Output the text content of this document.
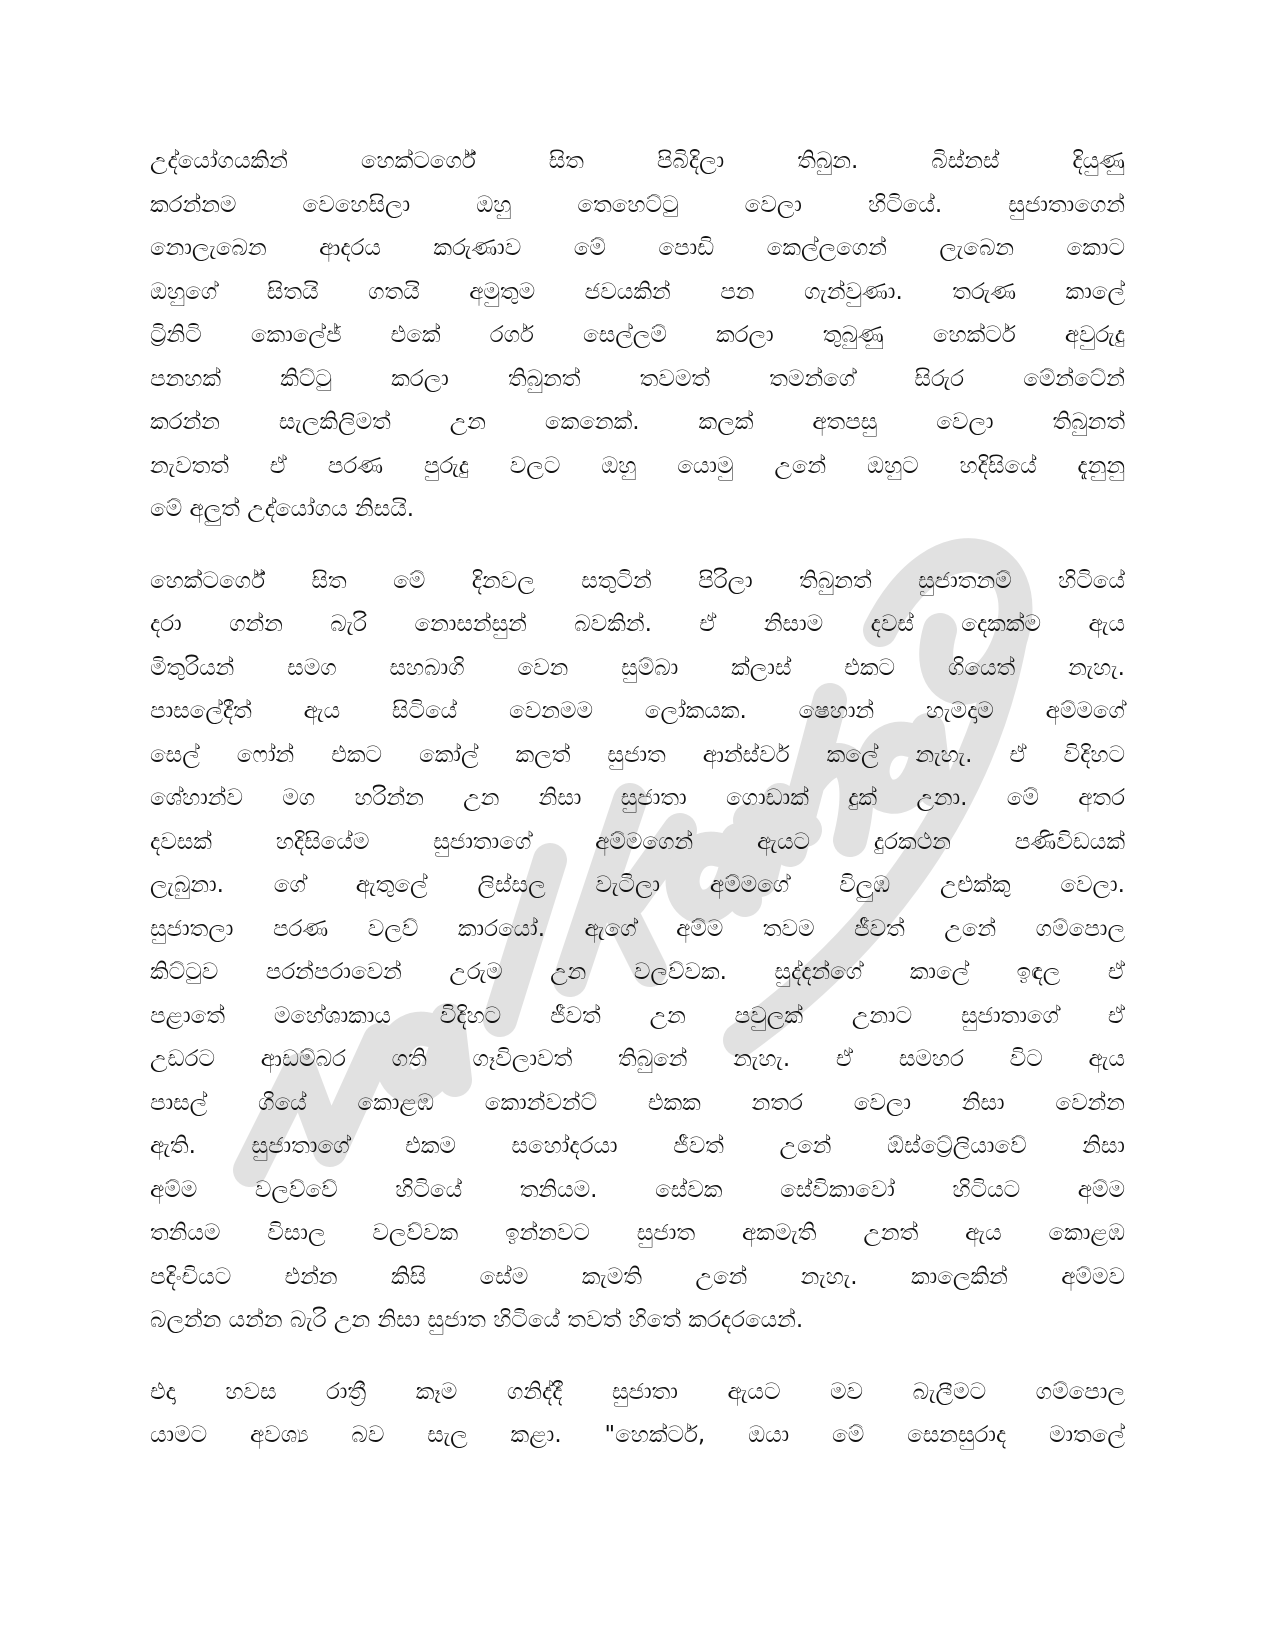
උද්යෝගයකින් හෙක්ටර්ගේ සිත පිබිදිලා තිබුන. බිස්නස් දියුණු
කරන්නම වෙහෙසිලා ඔහු තෙහෙට්ටු වෙලා හිටියේ. සුජාතාගෙන්
නොලැබෙන ආදරය කරුණාව මේ පොඩි කෙල්ලගෙන් ලැබෙන කොට
ඔහුගේ සිතයි ගතයි අමුතුම ජවයකින් පන ගැන්වුණා. තරුණ කාලේ
ට්‍රිනිටි කොලේජ් එකේ රගර් සෙල්ලම් කරලා තුබුණු හෙක්ටර් අවුරුදු
පනහක් කිට්ටු කරලා තිබුනත් තවමත් තමන්ගේ සිරුර මේන්ටේන්
කරන්න සැලකිලිමත් උන කෙනෙක්. කලක් අතපසු වෙලා තිබුනත්
නැවතත් ඒ පරණ පුරුදු වලට ඔහු යොමු උනේ ඔහුට හදිසියේ දැනුනු
මේ අලුත් උද්යෝගය නිසයි.

හෙක්ටර්ගේ සිත මේ දිනවල සතුටින් පිරිලා තිබුනත් සුජාතනම් හිටියේ
දරා ගන්න බැරි නොසන්සුන් බවකින්. ඒ නිසාම දවස් දෙකක්ම ඇය
මිතුරියන් සමග සහබාගි වෙන සුම්බා ක්ලාස් එකට ගියෙත් නැහැ.
පාසලේදීත් ඇය සිටියේ වෙනමම ලෝකයක. ෂෙහාන් හැමදාම අම්මගේ
සෙල් ෆෝන් එකට කෝල් කලත් සුජාත ආන්ස්වර් කලේ නැහැ. ඒ විදිහට
ශේහාන්ව මග හරින්න උන නිසා සුජාතා ගොඩාක් දුක් උනා. මේ අතර
දවසක් හදිසියේම සුජාතාගේ අම්මගෙන් ඇයට දුරකථන පණිවිඩයක්
ලැබුනා. ගේ ඇතුලේ ලිස්සල වැටිලා අම්මගේ විලුඹ උළුක්කු වෙලා.
සුජාතලා පරණ වලව් කාරයෝ. ඇගේ අම්ම තවම ජීවත් උනේ ගම්පොල
කිට්ටුව පරන්පරාවෙන් උරුම උන වලව්වක. සුද්දන්ගේ කාලේ ඉඳල ඒ
පළාතේ මහේශාකාය විදිහට ජීවත් උන පවුලක් උනාට සුජාතාගේ ඒ
උඩරට ආඩම්බර ගති ගෑවිලාවත් තිබුනේ නැහැ. ඒ සමහර විට ඇය
පාසල් ගියේ කොළඹ කොන්වන්ට් එකක නතර වෙලා නිසා වෙන්න
ඇති. සුජාතාගේ එකම සහෝදරයා ජීවත් උනේ ඕස්ට්‍රේලියාවේ නිසා
අම්ම වලව්වේ හිටියේ තනියම. සේවක සේවිකාවෝ හිටියට අම්ම
තනියම විසාල වලව්වක ඉන්නවට සුජාත අකමැති උනත් ඇය කොළඹ
පදිංචියට එන්න කිසි සේම කැමති උනේ නැහැ. කාලෙකින් අම්මව
බලන්න යන්න බැරි උන නිසා සුජාත හිටියේ තවත් හිතේ කරදරයෙන්.

එදා හවස රාත්‍රී කෑම ගනිද්දී සුජාතා ඇයට මව බැලීමට ගම්පොල
යාමට අවශ්‍ය බව සැල කළා. "හෙක්ටර්, ඔයා මේ සෙනසුරාද මාතලේ
